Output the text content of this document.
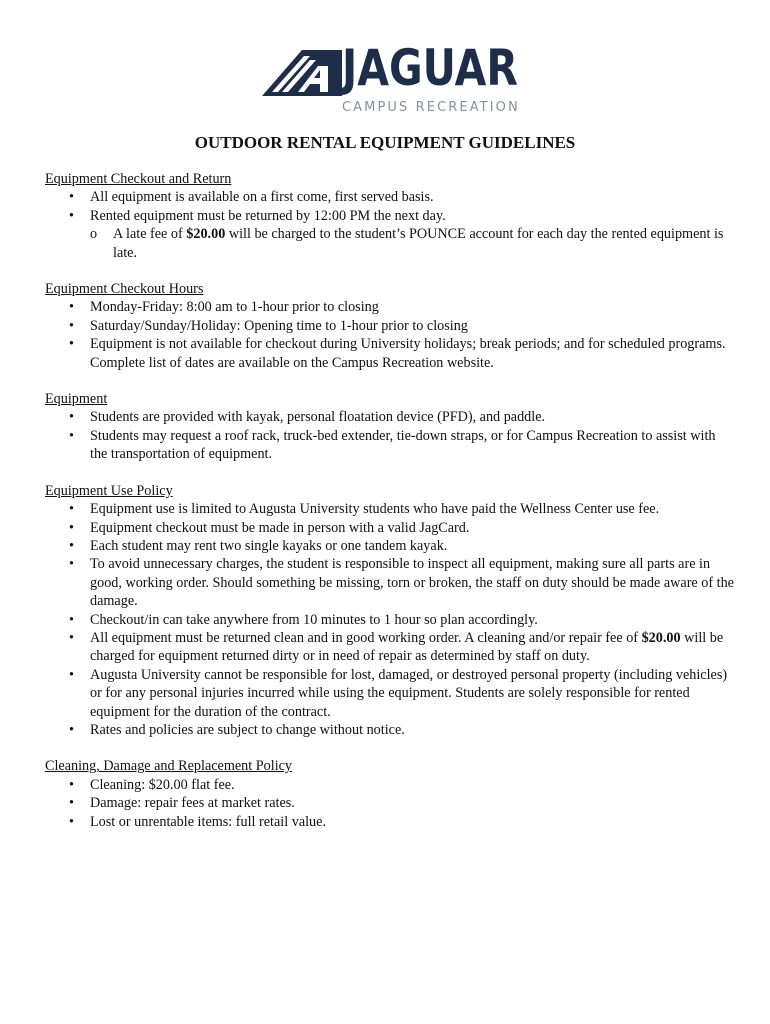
JAGUAR
CAMPUS RECREATION
OUTDOOR RENTAL EQUIPMENT GUIDELINES
Equipment Checkout and Return
• All equipment is available on a first come, first served basis.
• Rented equipment must be returned by 12:00 PM the next day.
o A late fee of $20.00 will be charged to the student’s POUNCE account for each day the rented equipment is late.
Equipment Checkout Hours
• Monday-Friday: 8:00 am to 1-hour prior to closing
• Saturday/Sunday/Holiday: Opening time to 1-hour prior to closing
• Equipment is not available for checkout during University holidays; break periods; and for scheduled programs. Complete list of dates are available on the Campus Recreation website.
Equipment
• Students are provided with kayak, personal floatation device (PFD), and paddle.
• Students may request a roof rack, truck-bed extender, tie-down straps, or for Campus Recreation to assist with the transportation of equipment.
Equipment Use Policy
• Equipment use is limited to Augusta University students who have paid the Wellness Center use fee.
• Equipment checkout must be made in person with a valid JagCard.
• Each student may rent two single kayaks or one tandem kayak.
• To avoid unnecessary charges, the student is responsible to inspect all equipment, making sure all parts are in good, working order. Should something be missing, torn or broken, the staff on duty should be made aware of the damage.
• Checkout/in can take anywhere from 10 minutes to 1 hour so plan accordingly.
• All equipment must be returned clean and in good working order. A cleaning and/or repair fee of $20.00 will be charged for equipment returned dirty or in need of repair as determined by staff on duty.
• Augusta University cannot be responsible for lost, damaged, or destroyed personal property (including vehicles) or for any personal injuries incurred while using the equipment. Students are solely responsible for rented equipment for the duration of the contract.
• Rates and policies are subject to change without notice.
Cleaning, Damage and Replacement Policy
• Cleaning: $20.00 flat fee.
• Damage: repair fees at market rates.
• Lost or unrentable items: full retail value.
